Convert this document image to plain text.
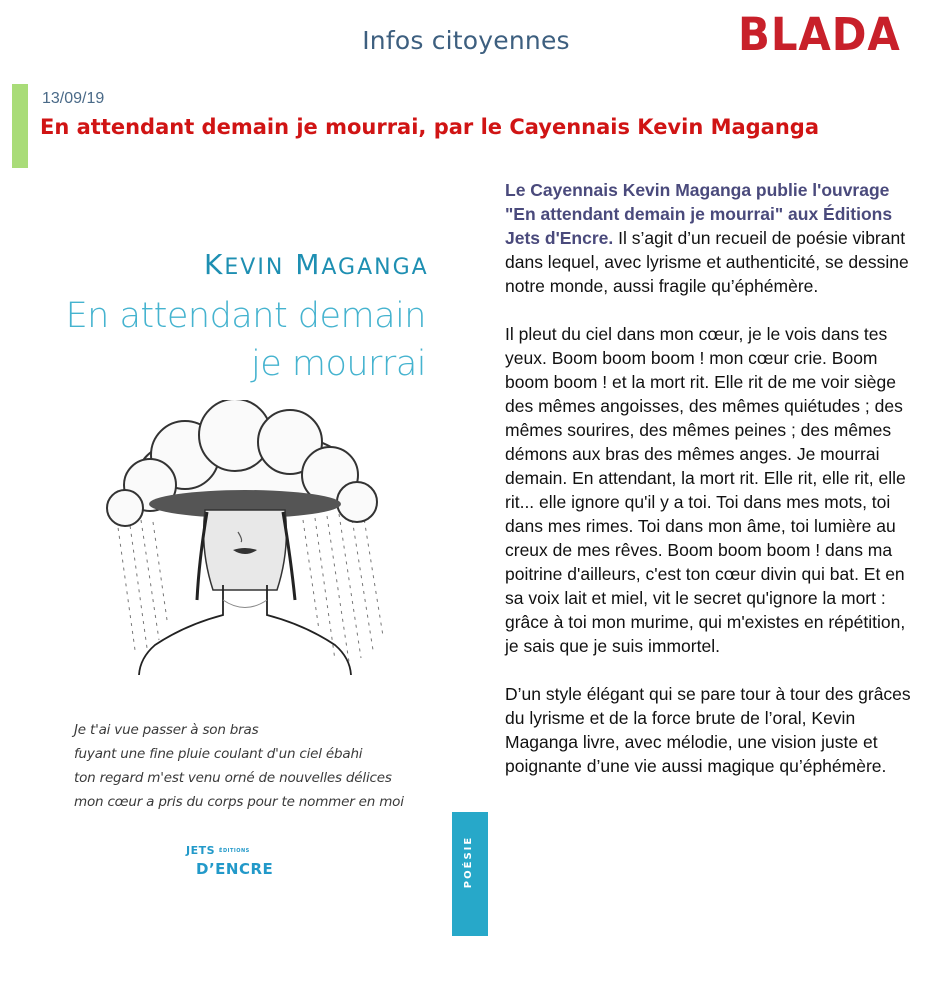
Infos citoyennes	BLADA
13/09/19
En attendant demain je mourrai, par le Cayennais Kevin Maganga
KEVIN MAGANGA
En attendant demain
je mourrai
Je t'ai vue passer à son bras
fuyant une fine pluie coulant d'un ciel ébahi
ton regard m'est venu orné de nouvelles délices
mon cœur a pris du corps pour te nommer en moi
JETS ÉDITIONS
D’ENCRE	POÉSIE

Le Cayennais Kevin Maganga publie l'ouvrage "En attendant demain je mourrai" aux Éditions Jets d'Encre. Il s’agit d’un recueil de poésie vibrant dans lequel, avec lyrisme et authenticité, se dessine notre monde, aussi fragile qu’éphémère.

Il pleut du ciel dans mon cœur, je le vois dans tes yeux. Boom boom boom ! mon cœur crie. Boom boom boom ! et la mort rit. Elle rit de me voir siège des mêmes angoisses, des mêmes quiétudes ; des mêmes sourires, des mêmes peines ; des mêmes
démons aux bras des mêmes anges. Je mourrai demain. En attendant, la mort rit. Elle rit, elle rit, elle rit... elle ignore qu'il y a toi. Toi dans mes mots, toi dans mes rimes. Toi dans mon âme, toi lumière au creux de mes rêves. Boom boom boom ! dans ma poitrine d'ailleurs, c'est ton cœur divin qui bat. Et en sa voix lait et miel, vit le secret qu'ignore la mort : grâce à toi mon murime, qui m'existes en répétition, je sais que je suis immortel.

D’un style élégant qui se pare tour à tour des grâces du lyrisme et de la force brute de l’oral, Kevin Maganga livre, avec mélodie, une vision juste et poignante d’une vie aussi magique qu’éphémère.
